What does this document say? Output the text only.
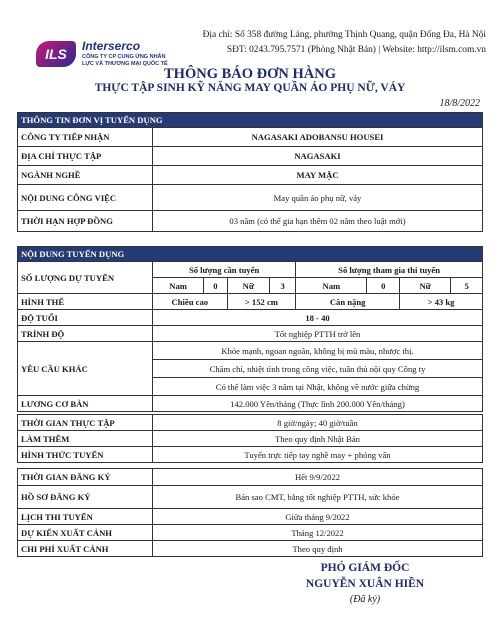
ILS	Interserco
CÔNG TY CP CUNG ỨNG NHÂN LỰC VÀ THƯƠNG MẠI QUỐC TẾ
Địa chỉ: Số 358 đường Láng, phường Thịnh Quang, quận Đống Đa, Hà Nội
SĐT: 0243.795.7571 (Phòng Nhật Bản) | Website: http://ilsm.com.vn
THÔNG BÁO ĐƠN HÀNG
THỰC TẬP SINH KỸ NĂNG MAY QUẦN ÁO PHỤ NỮ, VÁY
18/8/2022
THÔNG TIN ĐƠN VỊ TUYỂN DỤNG	
CÔNG TY TIẾP NHẬN	NAGASAKI ADOBANSU HOUSEI
ĐỊA CHỈ THỰC TẬP	NAGASAKI
NGÀNH NGHỀ	MAY MẶC
NỘI DUNG CÔNG VIỆC	May quần áo phụ nữ, váy
THỜI HẠN HỢP ĐỒNG	03 năm (có thể gia hạn thêm 02 năm theo luật mới)
NỘI DUNG TUYỂN DỤNG								
SỐ LƯỢNG DỰ TUYỂN	Số lượng cần tuyển				Số lượng tham gia thi tuyển			
	Nam	0	Nữ	3	Nam	0	Nữ	5
HÌNH THỂ	Chiều cao		> 152 cm		Cân nặng		> 43 kg	
ĐỘ TUỔI	18 - 40							
TRÌNH ĐỘ	Tốt nghiệp PTTH trở lên							
YÊU CẦU KHÁC	Khỏe mạnh, ngoan ngoãn, không bị mù màu, nhược thị.							
	Chăm chỉ, nhiệt tình trong công việc, tuân thủ nội quy Công ty							
	Có thể làm việc 3 năm tại Nhật, không về nước giữa chừng							
LƯƠNG CƠ BẢN	142.000 Yên/tháng (Thực lĩnh 200.000 Yên/tháng)							
THỜI GIAN THỰC TẬP	8 giờ/ngày; 40 giờ/tuần
LÀM THÊM	Theo quy định Nhật Bản
HÌNH THỨC TUYỂN	Tuyển trực tiếp tay nghề may + phỏng vấn
THỜI GIAN ĐĂNG KÝ	Hết 9/9/2022
HỒ SƠ ĐĂNG KÝ	Bản sao CMT, bằng tốt nghiệp PTTH, sức khỏe
LỊCH THI TUYỂN	Giữa tháng 9/2022
DỰ KIẾN XUẤT CẢNH	Tháng 12/2022
CHI PHÍ XUẤT CẢNH	Theo quy định
PHÓ GIÁM ĐỐC
NGUYỄN XUÂN HIỀN
(Đã ký)
